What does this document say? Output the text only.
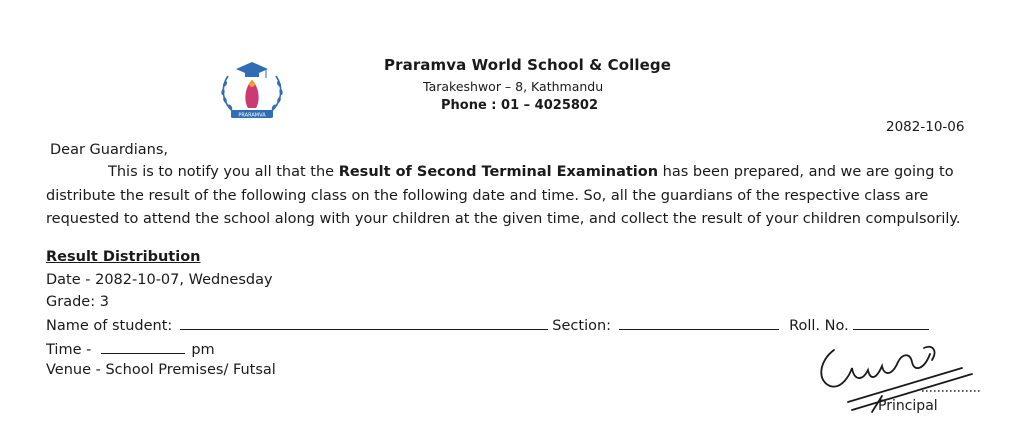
PRARAMVA
Praramva World School & College
Tarakeshwor – 8, Kathmandu
Phone : 01 – 4025802
2082-10-06
Dear Guardians,
This is to notify you all that the Result of Second Terminal Examination has been prepared, and we are going to distribute the result of the following class on the following date and time. So, all the guardians of the respective class are requested to attend the school along with your children at the given time, and collect the result of your children compulsorily.
Result Distribution
Date - 2082-10-07, Wednesday
Grade: 3
Name of student:	Section:	Roll. No.
Time -	pm
Venue - School Premises/ Futsal
Principal
